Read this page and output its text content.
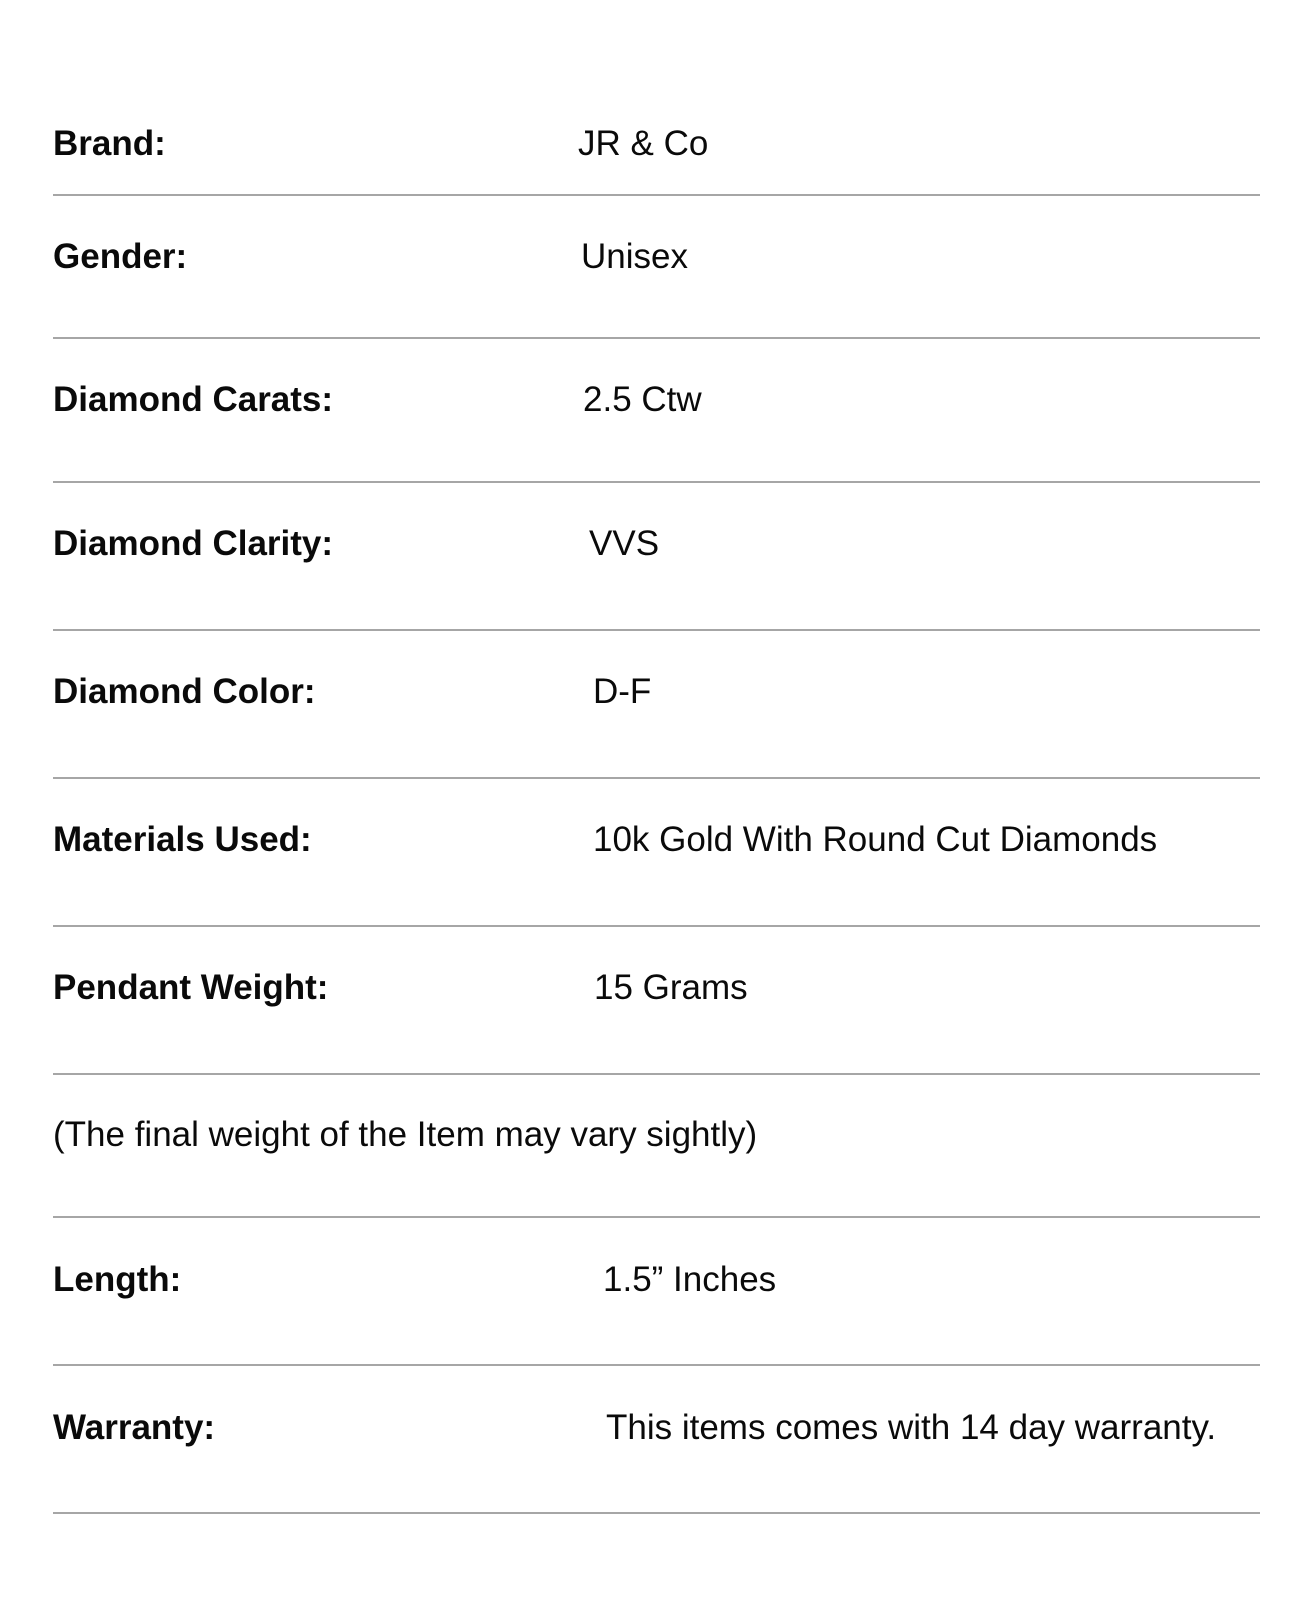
Brand:	JR & Co
Gender:	Unisex
Diamond Carats:	2.5 Ctw
Diamond Clarity:	VVS
Diamond Color:	D-F
Materials Used:	10k Gold With Round Cut Diamonds
Pendant Weight:	15 Grams
(The final weight of the Item may vary sightly)
Length:	1.5” Inches
Warranty:	This items comes with 14 day warranty.
